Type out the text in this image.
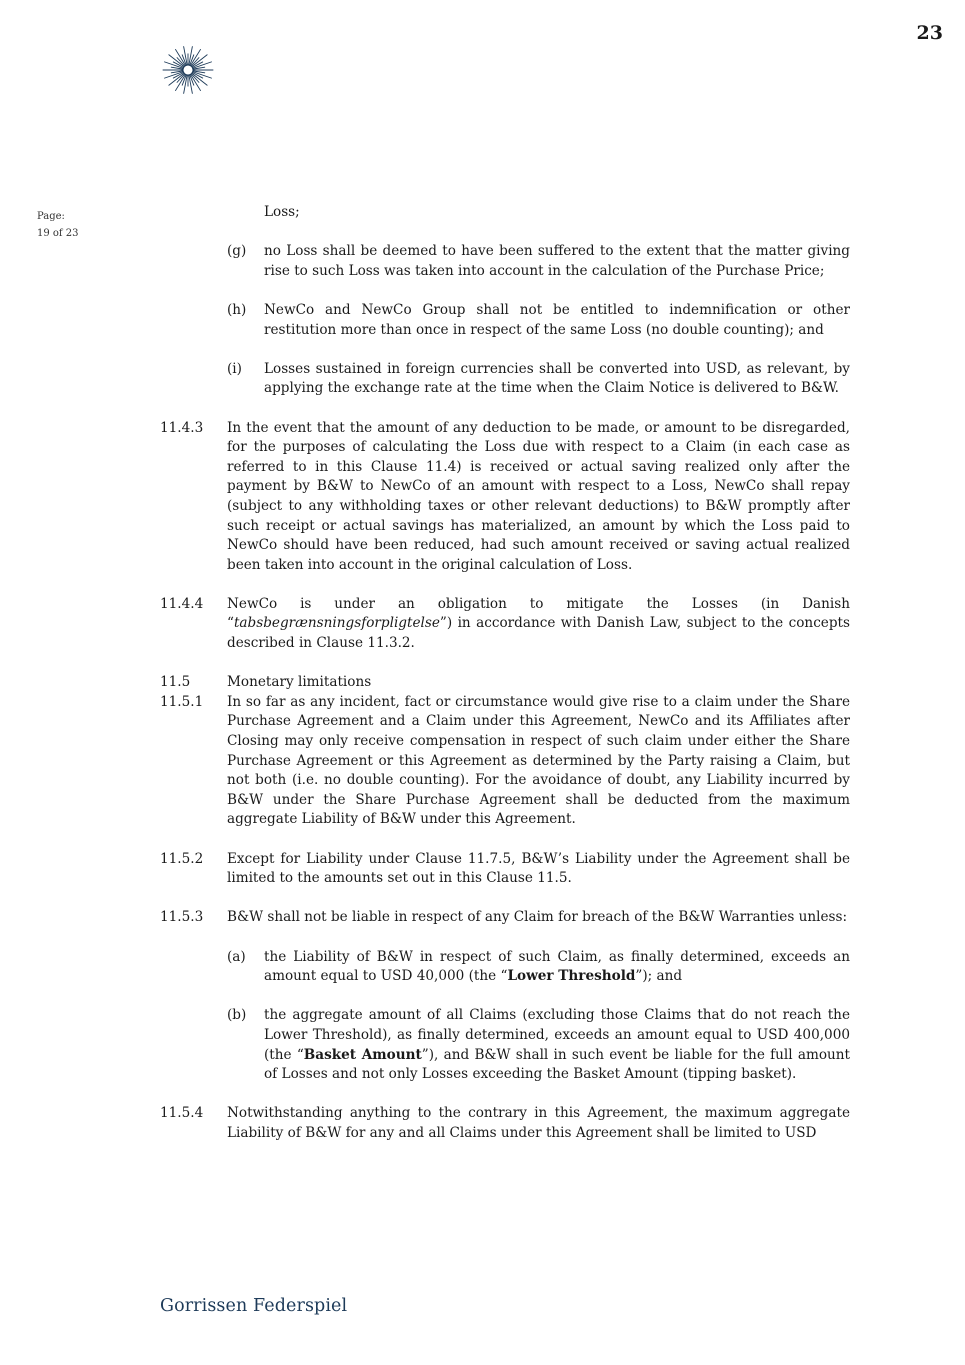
23
Page:
19 of 23
Loss;
(g)	no Loss shall be deemed to have been suffered to the extent that the matter giving rise to such Loss was taken into account in the calculation of the Purchase Price;
(h)	NewCo and NewCo Group shall not be entitled to indemnification or other restitution more than once in respect of the same Loss (no double counting); and
(i)	Losses sustained in foreign currencies shall be converted into USD, as relevant, by applying the exchange rate at the time when the Claim Notice is delivered to B&W.
11.4.3	In the event that the amount of any deduction to be made, or amount to be disregarded, for the purposes of calculating the Loss due with respect to a Claim (in each case as referred to in this Clause 11.4) is received or actual saving realized only after the payment by B&W to NewCo of an amount with respect to a Loss, NewCo shall repay (subject to any withholding taxes or other relevant deductions) to B&W promptly after such receipt or actual savings has materialized, an amount by which the Loss paid to NewCo should have been reduced, had such amount received or saving actual realized been taken into account in the original calculation of Loss.
11.4.4	NewCo is under an obligation to mitigate the Losses (in Danish “tabsbegrænsningsforpligtelse”) in accordance with Danish Law, subject to the concepts described in Clause 11.3.2.
11.5	Monetary limitations
11.5.1	In so far as any incident, fact or circumstance would give rise to a claim under the Share Purchase Agreement and a Claim under this Agreement, NewCo and its Affiliates after Closing may only receive compensation in respect of such claim under either the Share Purchase Agreement or this Agreement as determined by the Party raising a Claim, but not both (i.e. no double counting). For the avoidance of doubt, any Liability incurred by B&W under the Share Purchase Agreement shall be deducted from the maximum aggregate Liability of B&W under this Agreement.
11.5.2	Except for Liability under Clause 11.7.5, B&W’s Liability under the Agreement shall be limited to the amounts set out in this Clause 11.5.
11.5.3	B&W shall not be liable in respect of any Claim for breach of the B&W Warranties unless:
(a)	the Liability of B&W in respect of such Claim, as finally determined, exceeds an amount equal to USD 40,000 (the “Lower Threshold”); and
(b)	the aggregate amount of all Claims (excluding those Claims that do not reach the Lower Threshold), as finally determined, exceeds an amount equal to USD 400,000 (the “Basket Amount”), and B&W shall in such event be liable for the full amount of Losses and not only Losses exceeding the Basket Amount (tipping basket).
11.5.4	Notwithstanding anything to the contrary in this Agreement, the maximum aggregate Liability of B&W for any and all Claims under this Agreement shall be limited to USD
Gorrissen Federspiel
